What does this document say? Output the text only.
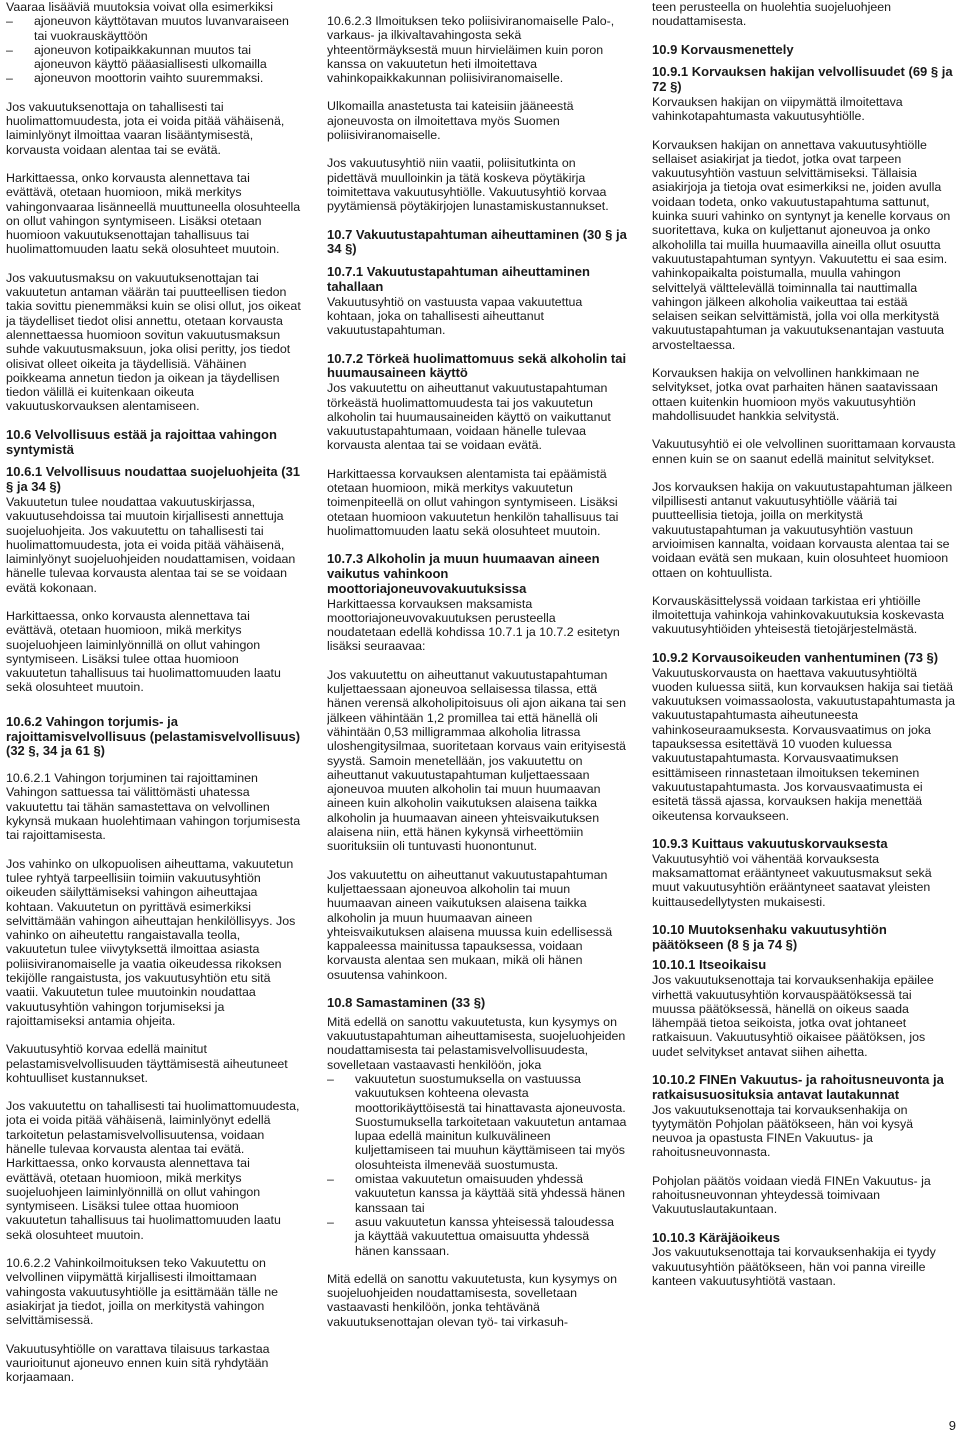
Vaaraa lisääviä muutoksia voivat olla esimerkiksi

–	ajoneuvon käyttötavan muutos luvanvaraiseen tai vuokrauskäyttöön
–	ajoneuvon kotipaikkakunnan muutos tai ajoneuvon käyttö pääasiallisesti ulkomailla
–	ajoneuvon moottorin vaihto suuremmaksi.

Jos vakuutuksenottaja on tahallisesti tai huolimattomuudesta, jota ei voida pitää vähäisenä, laiminlyönyt ilmoittaa vaaran lisääntymisestä, korvausta voidaan alentaa tai se evätä.

Harkittaessa, onko korvausta alennettava tai evättävä, otetaan huomioon, mikä merkitys vahingonvaaraa lisänneellä muuttuneella olosuhteella on ollut vahingon syntymiseen. Lisäksi otetaan huomioon vakuutuksenottajan tahallisuus tai huolimattomuuden laatu sekä olosuhteet muutoin.

Jos vakuutusmaksu on vakuutuksenottajan tai vakuutetun antaman väärän tai puutteellisen tiedon takia sovittu pienemmäksi kuin se olisi ollut, jos oikeat ja täydelliset tiedot olisi annettu, otetaan korvausta alennettaessa huomioon sovitun vakuutusmaksun suhde vakuutusmaksuun, joka olisi peritty, jos tiedot olisivat olleet oikeita ja täydellisiä. Vähäinen poikkeama annetun tiedon ja oikean ja täydellisen tiedon välillä ei kuitenkaan oikeuta vakuutuskorvauksen alentamiseen.

10.6 Velvollisuus estää ja rajoittaa vahingon syntymistä
10.6.1 Velvollisuus noudattaa suojeluohjeita (31 § ja 34 §)

Vakuutetun tulee noudattaa vakuutuskirjassa, vakuutusehdoissa tai muutoin kirjallisesti annettuja suojeluohjeita. Jos vakuutettu on tahallisesti tai huolimattomuudesta, jota ei voida pitää vähäisenä, laiminlyönyt suojeluohjeiden noudattamisen, voidaan hänelle tulevaa korvausta alentaa tai se se voidaan evätä kokonaan.

Harkittaessa, onko korvausta alennettava tai evättävä, otetaan huomioon, mikä merkitys suojeluohjeen laiminlyönnillä on ollut vahingon syntymiseen. Lisäksi tulee ottaa huomioon vakuutetun tahallisuus tai huolimattomuuden laatu sekä olosuhteet muutoin.

10.6.2 Vahingon torjumis- ja rajoittamisvelvollisuus (pelastamisvelvollisuus) (32 §, 34 ja 61 §)

10.6.2.1 Vahingon torjuminen tai rajoittaminen Vahingon sattuessa tai välittömästi uhatessa vakuutettu tai tähän samastettava on velvollinen kykynsä mukaan huolehtimaan vahingon torjumisesta tai rajoittamisesta.

Jos vahinko on ulkopuolisen aiheuttama, vakuutetun tulee ryhtyä tarpeellisiin toimiin vakuutusyhtiön oikeuden säilyttämiseksi vahingon aiheuttajaa kohtaan. Vakuutetun on pyrittävä esimerkiksi selvittämään vahingon aiheuttajan henkilöllisyys. Jos vahinko on aiheutettu rangaistavalla teolla, vakuutetun tulee viivytyksettä ilmoittaa asiasta poliisiviranomaiselle ja vaatia oikeudessa rikoksen tekijölle rangaistusta, jos vakuutusyhtiön etu sitä vaatii. Vakuutetun tulee muutoinkin noudattaa vakuutusyhtiön vahingon torjumiseksi ja rajoittamiseksi antamia ohjeita.

Vakuutusyhtiö korvaa edellä mainitut pelastamisvelvollisuuden täyttämisestä aiheutuneet kohtuulliset kustannukset.

Jos vakuutettu on tahallisesti tai huolimattomuudesta, jota ei voida pitää vähäisenä, laiminlyönyt edellä tarkoitetun pelastamisvelvollisuutensa, voidaan hänelle tulevaa korvausta alentaa tai evätä. Harkittaessa, onko korvausta alennettava tai evättävä, otetaan huomioon, mikä merkitys suojeluohjeen laiminlyönnillä on ollut vahingon syntymiseen. Lisäksi tulee ottaa huomioon vakuutetun tahallisuus tai huolimattomuuden laatu sekä olosuhteet muutoin.

10.6.2.2 Vahinkoilmoituksen teko Vakuutettu on velvollinen viipymättä kirjallisesti ilmoittamaan vahingosta vakuutusyhtiölle ja esittämään tälle ne asiakirjat ja tiedot, joilla on merkitystä vahingon selvittämisessä.

Vakuutusyhtiölle on varattava tilaisuus tarkastaa vaurioitunut ajoneuvo ennen kuin sitä ryhdytään korjaamaan.

10.6.2.3 Ilmoituksen teko poliisiviranomaiselle Palo-, varkaus- ja ilkivaltavahingosta sekä yhteentörmäyksestä muun hirvieläimen kuin poron kanssa on vakuutetun heti ilmoitettava vahinkopaikkakunnan poliisiviranomaiselle.

Ulkomailla anastetusta tai kateisiin jääneestä ajoneuvosta on ilmoitettava myös Suomen poliisiviranomaiselle.

Jos vakuutusyhtiö niin vaatii, poliisitutkinta on pidettävä muulloinkin ja tätä koskeva pöytäkirja toimitettava vakuutusyhtiölle. Vakuutusyhtiö korvaa pyytämiensä pöytäkirjojen lunastamiskustannukset.

10.7 Vakuutustapahtuman aiheuttaminen (30 § ja 34 §)
10.7.1 Vakuutustapahtuman aiheuttaminen tahallaan

Vakuutusyhtiö on vastuusta vapaa vakuutettua kohtaan, joka on tahallisesti aiheuttanut vakuutustapahtuman.

10.7.2 Törkeä huolimattomuus sekä alkoholin tai huumausaineen käyttö

Jos vakuutettu on aiheuttanut vakuutustapahtuman törkeästä huolimattomuudesta tai jos vakuutetun alkoholin tai huumausaineiden käyttö on vaikuttanut vakuutustapahtumaan, voidaan hänelle tulevaa korvausta alentaa tai se voidaan evätä.

Harkittaessa korvauksen alentamista tai epäämistä otetaan huomioon, mikä merkitys vakuutetun toimenpiteellä on ollut vahingon syntymiseen. Lisäksi otetaan huomioon vakuutetun henkilön tahallisuus tai huolimattomuuden laatu sekä olosuhteet muutoin.

10.7.3 Alkoholin ja muun huumaavan aineen vaikutus vahinkoon moottoriajoneuvovakuutuksissa

Harkittaessa korvauksen maksamista moottoriajoneuvovakuutuksen perusteella noudatetaan edellä kohdissa 10.7.1 ja 10.7.2 esitetyn lisäksi seuraavaa:

Jos vakuutettu on aiheuttanut vakuutustapahtuman kuljettaessaan ajoneuvoa sellaisessa tilassa, että hänen verensä alkoholipitoisuus oli ajon aikana tai sen jälkeen vähintään 1,2 promillea tai että hänellä oli vähintään 0,53 milligrammaa alkoholia litrassa uloshengitysilmaa, suoritetaan korvaus vain erityisestä syystä. Samoin menetellään, jos vakuutettu on aiheuttanut vakuutustapahtuman kuljettaessaan ajoneuvoa muuten alkoholin tai muun huumaavan aineen kuin alkoholin vaikutuksen alaisena taikka alkoholin ja huumaavan aineen yhteisvaikutuksen alaisena niin, että hänen kykynsä virheettömiin suorituksiin oli tuntuvasti huonontunut.

Jos vakuutettu on aiheuttanut vakuutustapahtuman kuljettaessaan ajoneuvoa alkoholin tai muun huumaavan aineen vaikutuksen alaisena taikka alkoholin ja muun huumaavan aineen yhteisvaikutuksen alaisena muussa kuin edellisessä kappaleessa mainitussa tapauksessa, voidaan korvausta alentaa sen mukaan, mikä oli hänen osuutensa vahinkoon.

10.8 Samastaminen (33 §)

Mitä edellä on sanottu vakuutetusta, kun kysymys on vakuutustapahtuman aiheuttamisesta, suojeluohjeiden noudattamisesta tai pelastamisvelvollisuudesta, sovelletaan vastaavasti henkilöön, joka

–	vakuutetun suostumuksella on vastuussa vakuutuksen kohteena olevasta moottorikäyttöisestä tai hinattavasta ajoneuvosta. Suostumuksella tarkoitetaan vakuutetun antamaa lupaa edellä mainitun kulkuvälineen kuljettamiseen tai muuhun käyttämiseen tai myös olosuhteista ilmenevää suostumusta.
–	omistaa vakuutetun omaisuuden yhdessä vakuutetun kanssa ja käyttää sitä yhdessä hänen kanssaan tai
–	asuu vakuutetun kanssa yhteisessä taloudessa ja käyttää vakuutettua omaisuutta yhdessä hänen kanssaan.

Mitä edellä on sanottu vakuutetusta, kun kysymys on suojeluohjeiden noudattamisesta, sovelletaan vastaavasti henkilöön, jonka tehtävänä vakuutuksenottajan olevan työ- tai virkasuh-

teen perusteella on huolehtia suojeluohjeen noudattamisesta.

10.9 Korvausmenettely
10.9.1 Korvauksen hakijan velvollisuudet (69 § ja 72 §)

Korvauksen hakijan on viipymättä ilmoitettava vahinkotapahtumasta vakuutusyhtiölle.

Korvauksen hakijan on annettava vakuutusyhtiölle sellaiset asiakirjat ja tiedot, jotka ovat tarpeen vakuutusyhtiön vastuun selvittämiseksi. Tällaisia asiakirjoja ja tietoja ovat esimerkiksi ne, joiden avulla voidaan todeta, onko vakuutustapahtuma sattunut, kuinka suuri vahinko on syntynyt ja kenelle korvaus on suoritettava, kuka on kuljettanut ajoneuvoa ja onko alkoholilla tai muilla huumaavilla aineilla ollut osuutta vakuutustapahtuman syntyyn. Vakuutettu ei saa esim. vahinkopaikalta poistumalla, muulla vahingon selvittelyä välttelevällä toiminnalla tai nauttimalla vahingon jälkeen alkoholia vaikeuttaa tai estää selaisen seikan selvittämistä, jolla voi olla merkitystä vakuutustapahtuman ja vakuutuksenantajan vastuuta arvosteltaessa.

Korvauksen hakija on velvollinen hankkimaan ne selvitykset, jotka ovat parhaiten hänen saatavissaan ottaen kuitenkin huomioon myös vakuutusyhtiön mahdollisuudet hankkia selvitystä.

Vakuutusyhtiö ei ole velvollinen suorittamaan korvausta ennen kuin se on saanut edellä mainitut selvitykset.

Jos korvauksen hakija on vakuutustapahtuman jälkeen vilpillisesti antanut vakuutusyhtiölle vääriä tai puutteellisia tietoja, joilla on merkitystä vakuutustapahtuman ja vakuutusyhtiön vastuun arvioimisen kannalta, voidaan korvausta alentaa tai se voidaan evätä sen mukaan, kuin olosuhteet huomioon ottaen on kohtuullista.

Korvauskäsittelyssä voidaan tarkistaa eri yhtiöille ilmoitettuja vahinkoja vahinkovakuutuksia koskevasta vakuutusyhtiöiden yhteisestä tietojärjestelmästä.

10.9.2 Korvausoikeuden vanhentuminen (73 §)

Vakuutuskorvausta on haettava vakuutusyhtiöltä vuoden kuluessa siitä, kun korvauksen hakija sai tietää vakuutuksen voimassaolosta, vakuutustapahtumasta ja vakuutustapahtumasta aiheutuneesta vahinkoseuraamuksesta. Korvausvaatimus on joka tapauksessa esitettävä 10 vuoden kuluessa vakuutustapahtumasta. Korvausvaatimuksen esittämiseen rinnastetaan ilmoituksen tekeminen vakuutustapahtumasta. Jos korvausvaatimusta ei esitetä tässä ajassa, korvauksen hakija menettää oikeutensa korvaukseen.

10.9.3 Kuittaus vakuutuskorvauksesta

Vakuutusyhtiö voi vähentää korvauksesta maksamattomat erääntyneet vakuutusmaksut sekä muut vakuutusyhtiön erääntyneet saatavat yleisten kuittausedellytysten mukaisesti.

10.10 Muutoksenhaku vakuutusyhtiön päätökseen (8 § ja 74 §)
10.10.1 Itseoikaisu

Jos vakuutuksenottaja tai korvauksenhakija epäilee virhettä vakuutusyhtiön korvauspäätöksessä tai muussa päätöksessä, hänellä on oikeus saada lähempää tietoa seikoista, jotka ovat johtaneet ratkaisuun. Vakuutusyhtiö oikaisee päätöksen, jos uudet selvitykset antavat siihen aihetta.

10.10.2 FINEn Vakuutus- ja rahoitusneuvonta ja ratkaisusuosituksia antavat lautakunnat

Jos vakuutuksenottaja tai korvauksenhakija on tyytymätön Pohjolan päätökseen, hän voi kysyä neuvoa ja opastusta FINEn Vakuutus- ja rahoitusneuvonnasta.

Pohjolan päätös voidaan viedä FINEn Vakuutus- ja rahoitusneuvonnan yhteydessä toimivaan Vakuutuslautakuntaan.

10.10.3 Käräjäoikeus

Jos vakuutuksenottaja tai korvauksenhakija ei tyydy vakuutusyhtiön päätökseen, hän voi panna vireille kanteen vakuutusyhtiötä vastaan.

9
